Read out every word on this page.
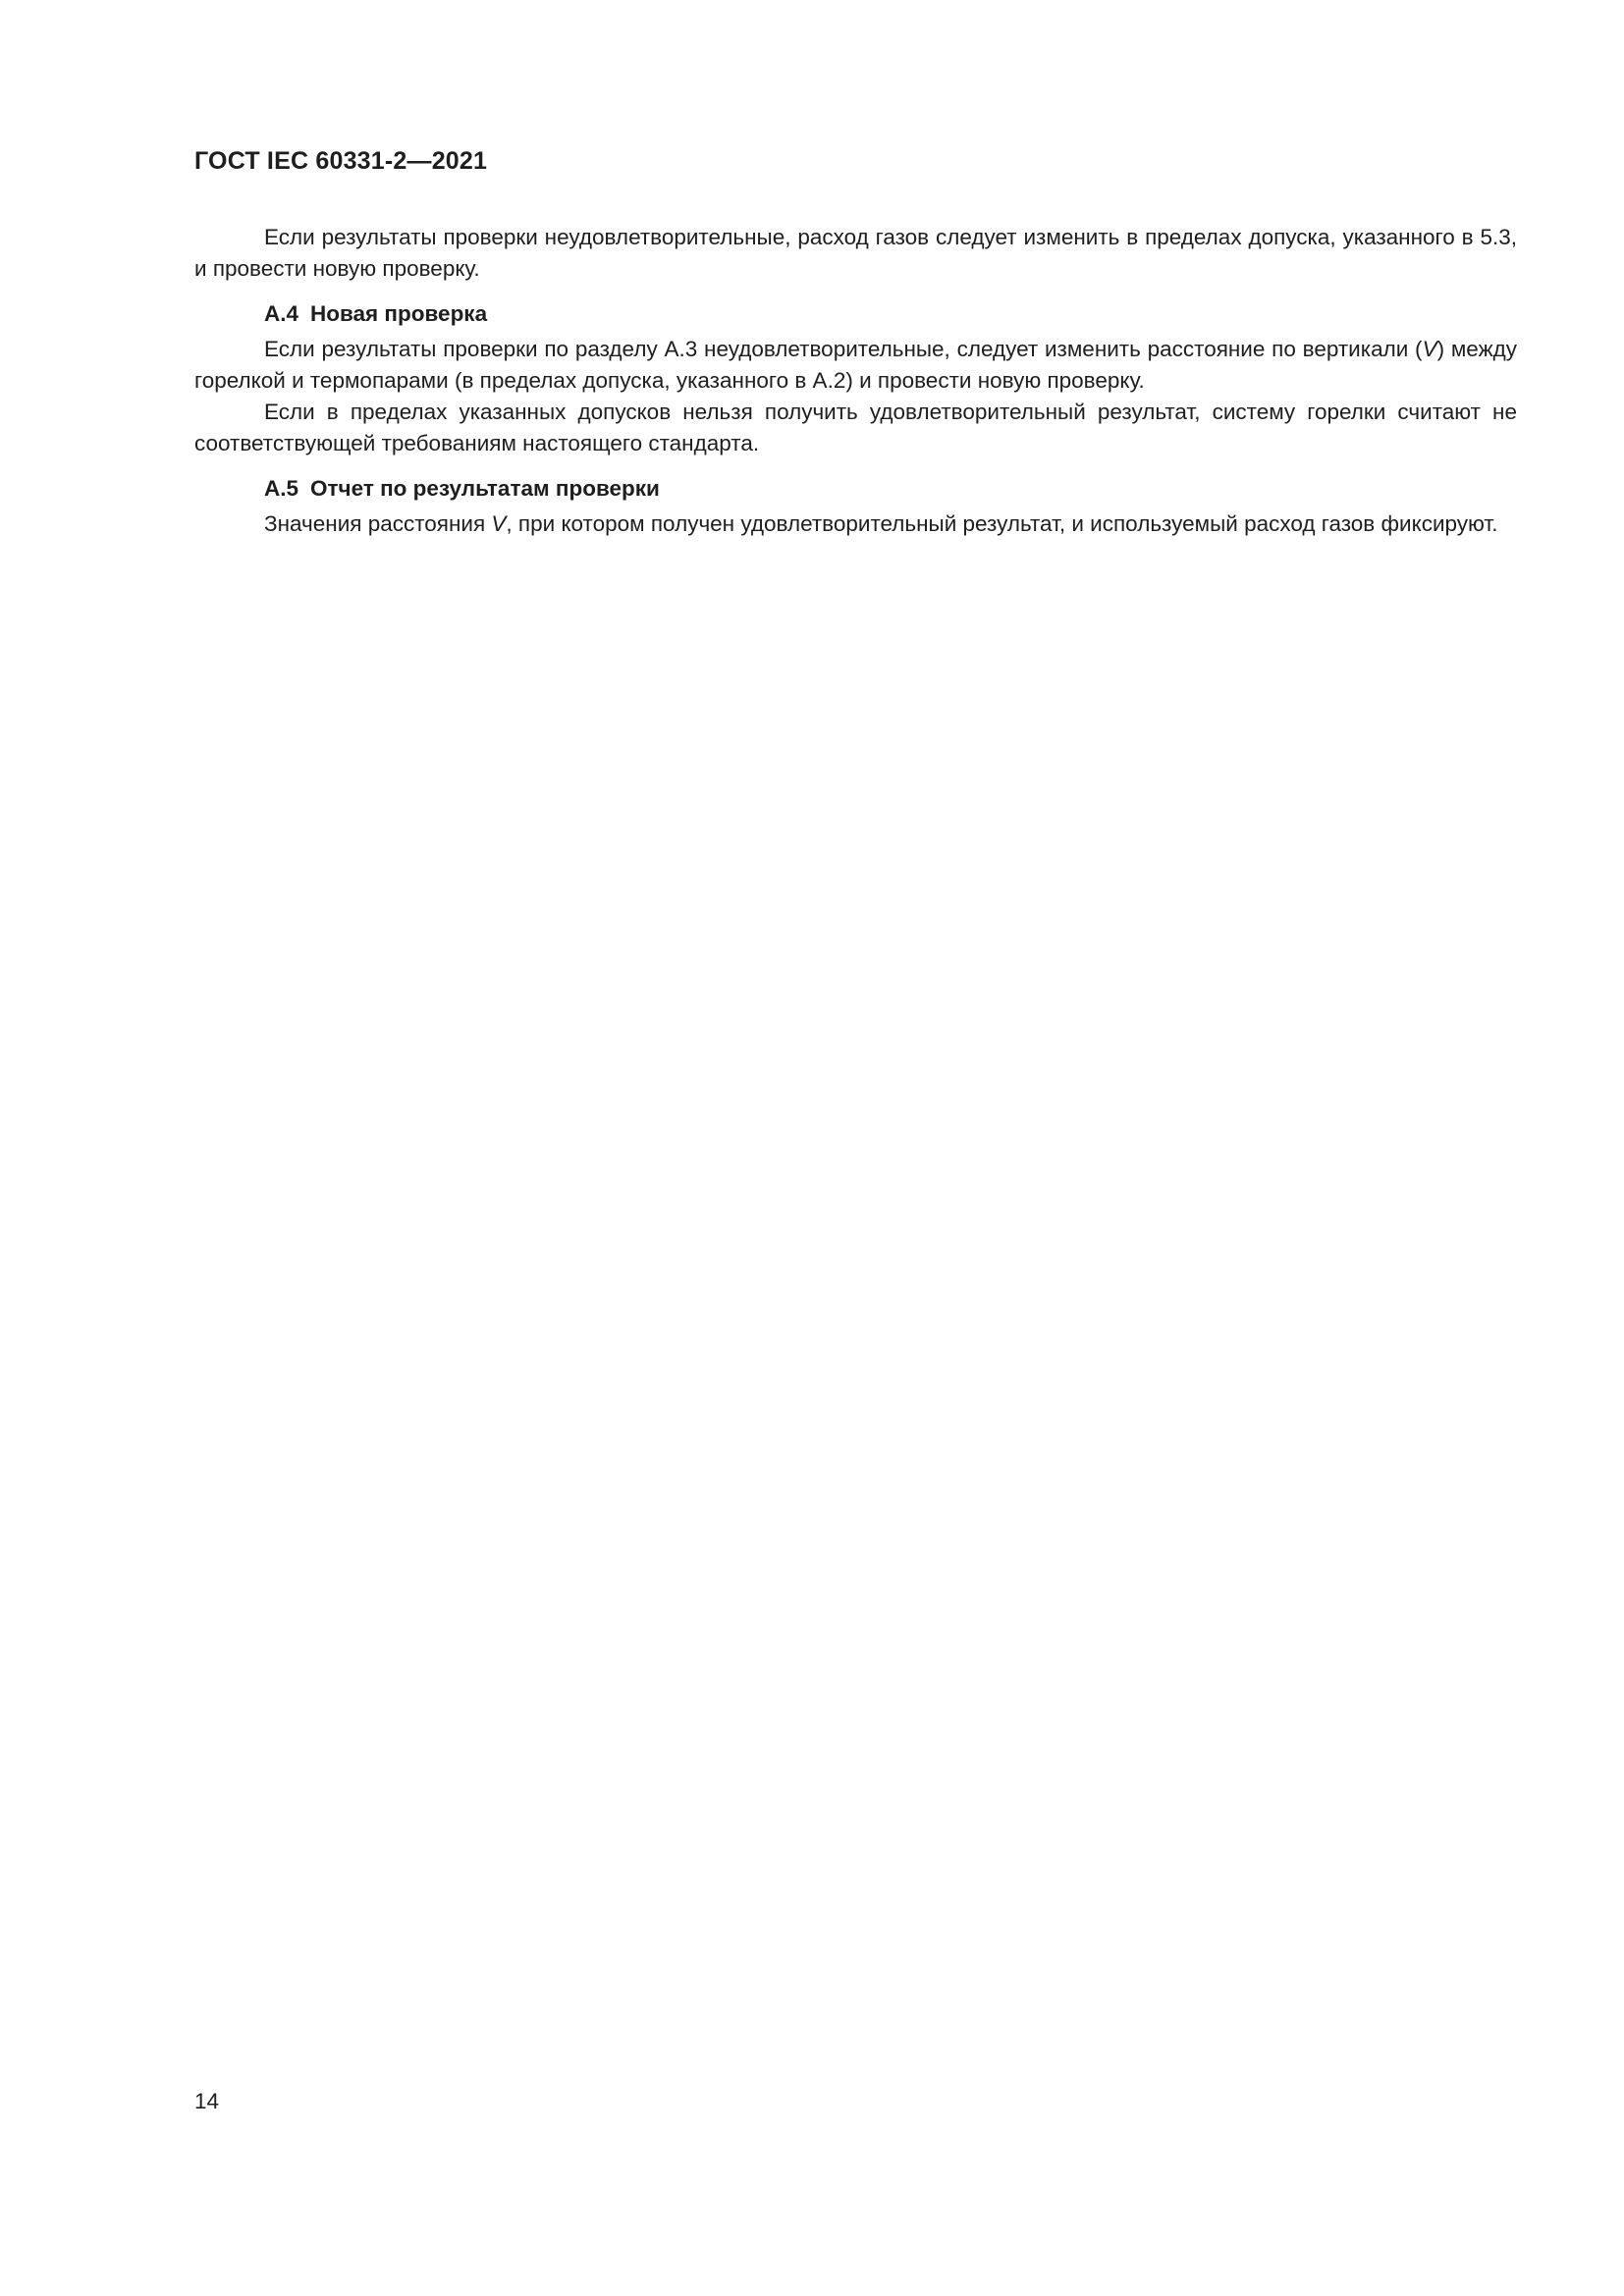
ГОСТ IEC 60331-2—2021

Если результаты проверки неудовлетворительные, расход газов следует изменить в пределах допуска, указанного в 5.3, и провести новую проверку.

А.4 Новая проверка

Если результаты проверки по разделу А.3 неудовлетворительные, следует изменить расстояние по вертикали (V) между горелкой и термопарами (в пределах допуска, указанного в А.2) и провести новую проверку.

Если в пределах указанных допусков нельзя получить удовлетворительный результат, систему горелки считают не соответствующей требованиям настоящего стандарта.

А.5 Отчет по результатам проверки

Значения расстояния V, при котором получен удовлетворительный результат, и используемый расход газов фиксируют.

14
